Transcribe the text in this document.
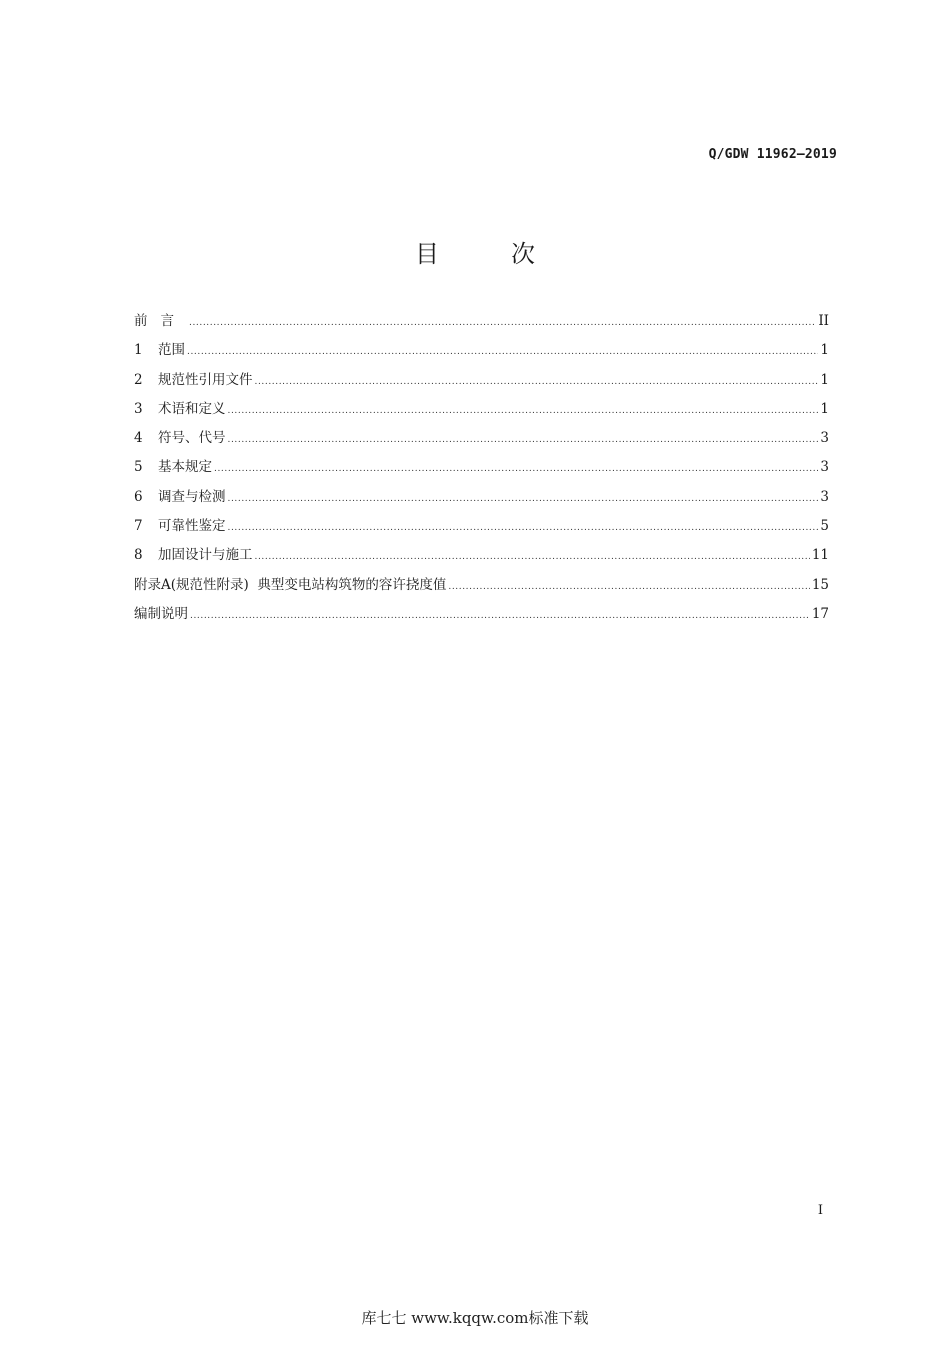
Q/GDW 11962—2019
目	次
前言 .....	II
1	范围 .....	1
2	规范性引用文件 .....	1
3	术语和定义 .....	1
4	符号、代号 .....	3
5	基本规定 .....	3
6	调查与检测 .....	3
7	可靠性鉴定 .....	5
8	加固设计与施工 .....	11
附录A(规范性附录)  典型变电站构筑物的容许挠度值 .....	15
编制说明 .....	17
I
库七七 www.kqqw.com标准下载
